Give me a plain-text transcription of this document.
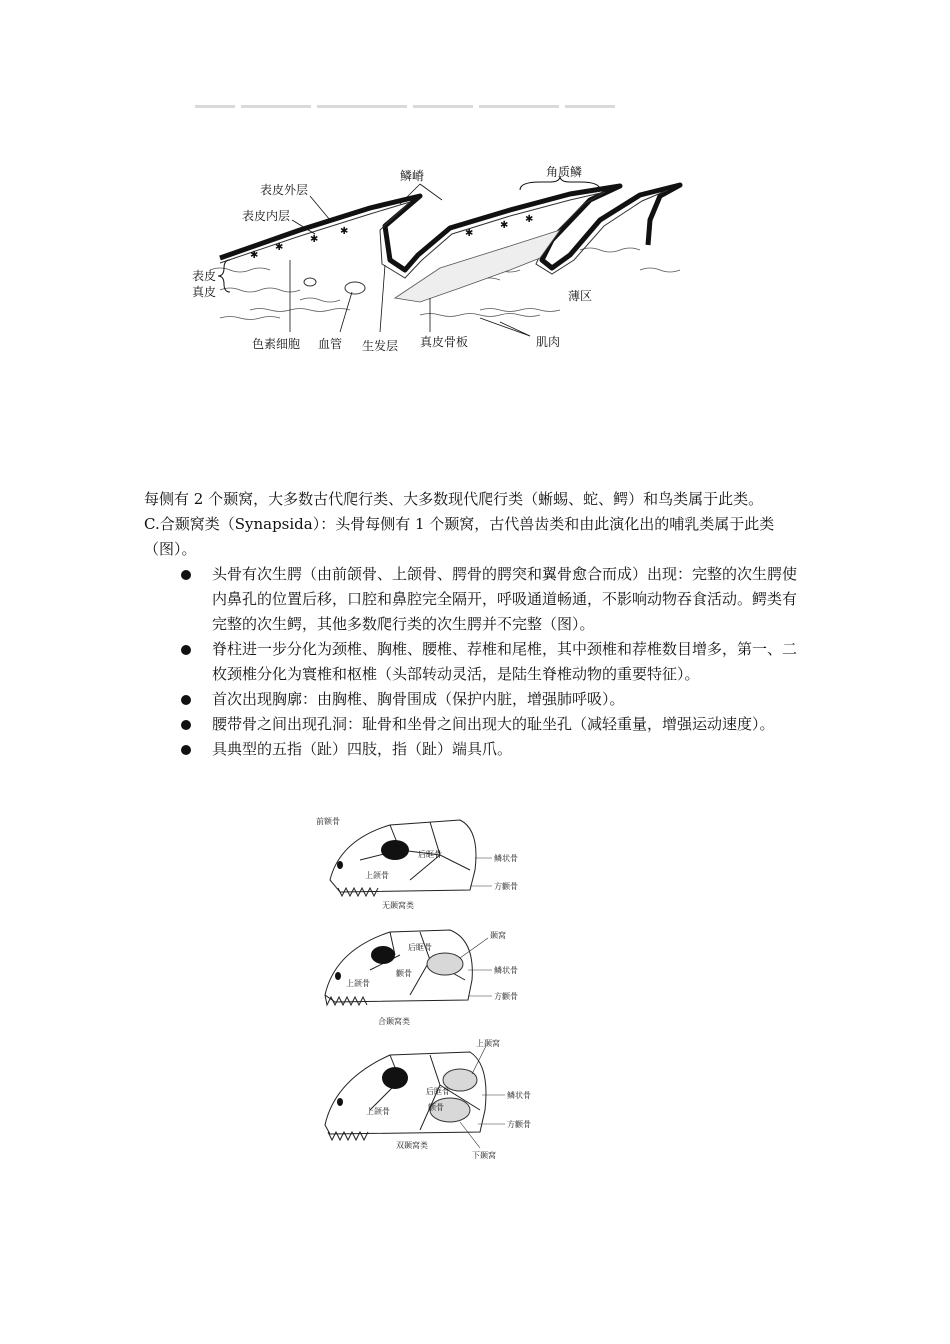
✱
✱
✱
✱	✱
✱
✱
表皮外层
表皮内层
表皮
真皮
鳞嵴	角质鳞
薄区
色素细胞 血管 生发层 真皮骨板	肌肉

每侧有 2 个颞窝，大多数古代爬行类、大多数现代爬行类（蜥蜴、蛇、鳄）和鸟类属于此类。

C.合颞窝类（Synapsida）：头骨每侧有 1 个颞窝，古代兽齿类和由此演化出的哺乳类属于此类（图）。

头骨有次生腭（由前颌骨、上颌骨、腭骨的腭突和翼骨愈合而成）出现：完整的次生腭使内鼻孔的位置后移，口腔和鼻腔完全隔开，呼吸通道畅通，不影响动物吞食活动。鳄类有完整的次生鳄，其他多数爬行类的次生腭并不完整（图）。
脊柱进一步分化为颈椎、胸椎、腰椎、荐椎和尾椎，其中颈椎和荐椎数目增多，第一、二枚颈椎分化为寰椎和枢椎（头部转动灵活，是陆生脊椎动物的重要特征）。
首次出现胸廓：由胸椎、胸骨围成（保护内脏，增强肺呼吸）。
腰带骨之间出现孔洞：耻骨和坐骨之间出现大的耻坐孔（减轻重量，增强运动速度）。
具典型的五指（趾）四肢，指（趾）端具爪。
前额骨
后眶骨
上颌骨
鳞状骨
方颧骨
无颞窝类
颞窝
后眶骨
颧骨
上颌骨
鳞状骨
方颧骨
合颞窝类
上颞窝
后眶骨
颧骨
上颌骨
鳞状骨
方颧骨
双颞窝类
下颞窝
